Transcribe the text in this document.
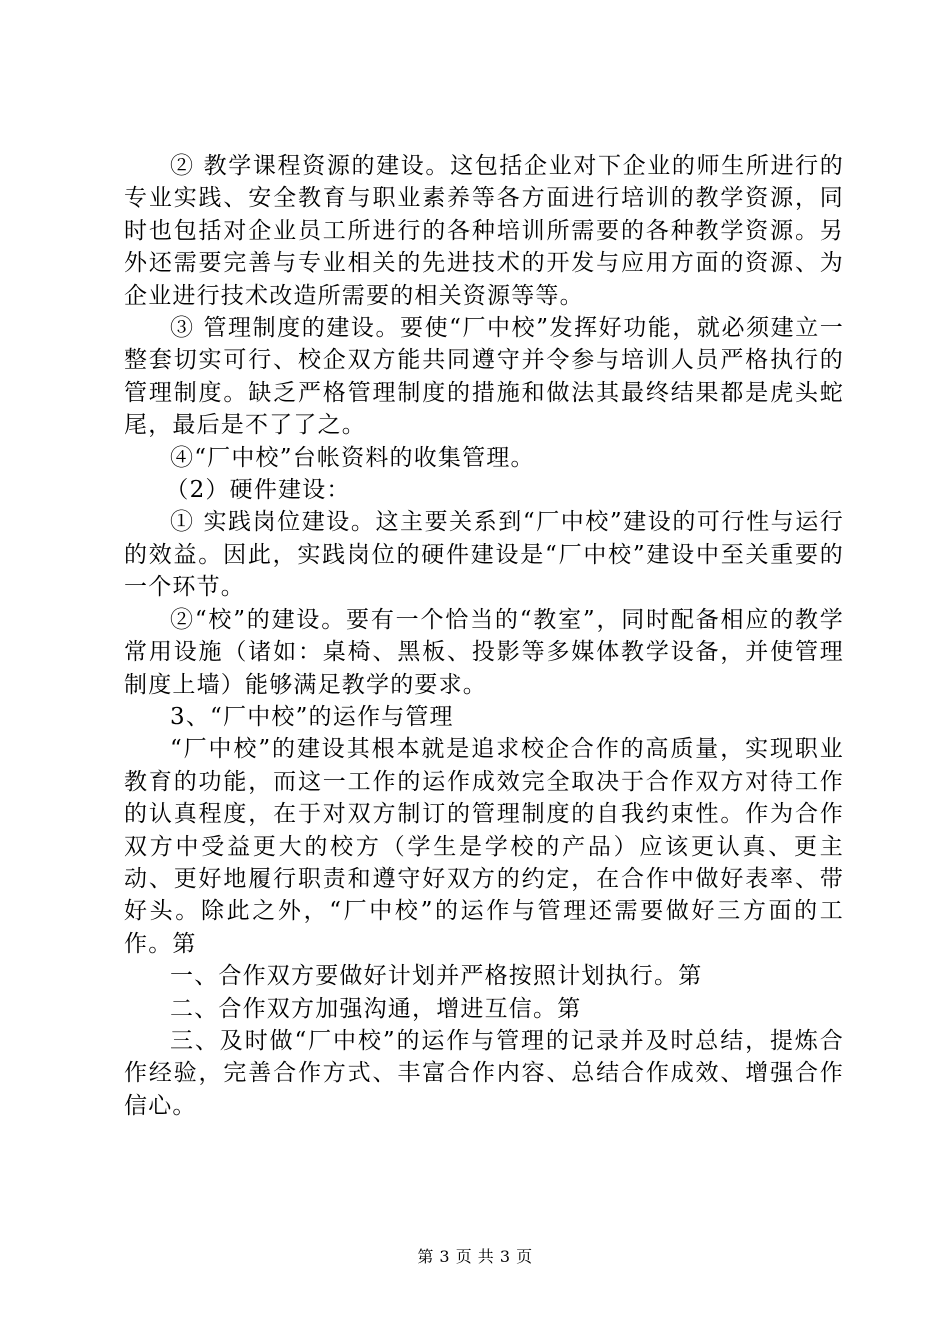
② 教学课程资源的建设。这包括企业对下企业的师生所进行的专业实践、安全教育与职业素养等各方面进行培训的教学资源，同时也包括对企业员工所进行的各种培训所需要的各种教学资源。另外还需要完善与专业相关的先进技术的开发与应用方面的资源、为企业进行技术改造所需要的相关资源等等。

③ 管理制度的建设。要使“厂中校”发挥好功能，就必须建立一整套切实可行、校企双方能共同遵守并令参与培训人员严格执行的管理制度。缺乏严格管理制度的措施和做法其最终结果都是虎头蛇尾，最后是不了了之。

④“厂中校”台帐资料的收集管理。

（2）硬件建设：

① 实践岗位建设。这主要关系到“厂中校”建设的可行性与运行的效益。因此，实践岗位的硬件建设是“厂中校”建设中至关重要的一个环节。

②“校”的建设。要有一个恰当的“教室”，同时配备相应的教学常用设施（诸如：桌椅、黑板、投影等多媒体教学设备，并使管理制度上墙）能够满足教学的要求。

3、“厂中校”的运作与管理

“厂中校”的建设其根本就是追求校企合作的高质量，实现职业教育的功能，而这一工作的运作成效完全取决于合作双方对待工作的认真程度，在于对双方制订的管理制度的自我约束性。作为合作双方中受益更大的校方（学生是学校的产品）应该更认真、更主动、更好地履行职责和遵守好双方的约定，在合作中做好表率、带好头。除此之外，“厂中校”的运作与管理还需要做好三方面的工作。第

一、合作双方要做好计划并严格按照计划执行。第

二、合作双方加强沟通，增进互信。第

三、及时做“厂中校”的运作与管理的记录并及时总结，提炼合作经验，完善合作方式、丰富合作内容、总结合作成效、增强合作信心。

第 3 页 共 3 页
